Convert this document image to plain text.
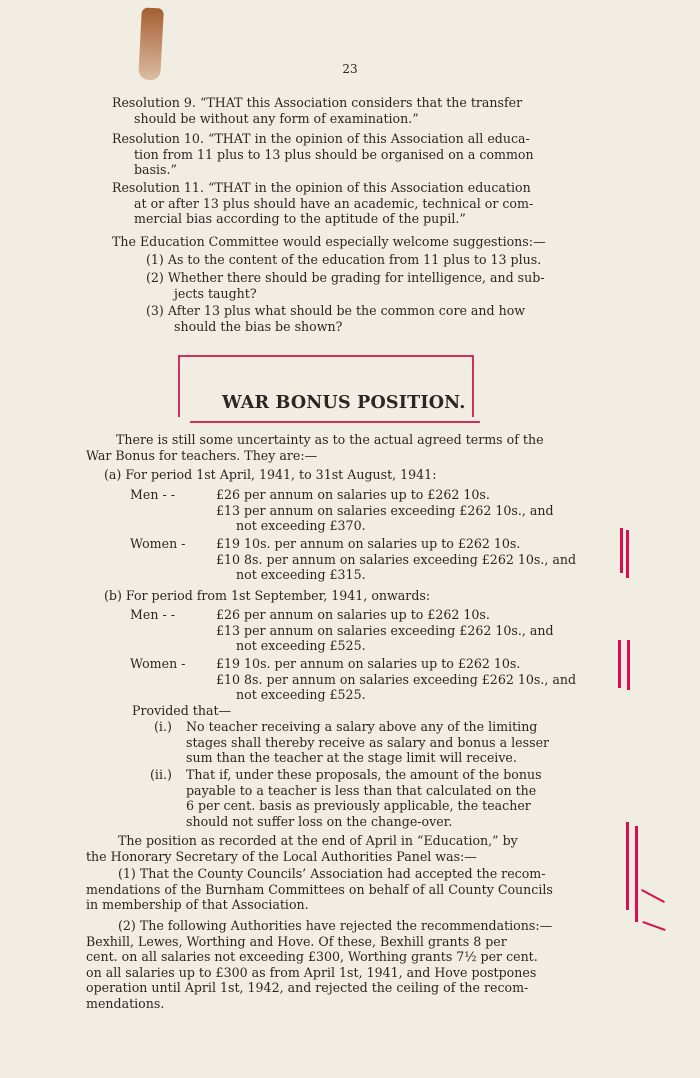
23
Resolution 9. “THAT this Association considers that the transfer
should be without any form of examination.”
Resolution 10. “THAT in the opinion of this Association all educa-
tion from 11 plus to 13 plus should be organised on a common
basis.”
Resolution 11. “THAT in the opinion of this Association education
at or after 13 plus should have an academic, technical or com-
mercial bias according to the aptitude of the pupil.”
The Education Committee would especially welcome suggestions:—
(1) As to the content of the education from 11 plus to 13 plus.
(2) Whether there should be grading for intelligence, and sub-
jects taught?
(3) After 13 plus what should be the common core and how
should the bias be shown?
WAR BONUS POSITION.
There is still some uncertainty as to the actual agreed terms of the
War Bonus for teachers. They are:—
(a) For period 1st April, 1941, to 31st August, 1941:
Men - -	£26 per annum on salaries up to £262 10s.
£13 per annum on salaries exceeding £262 10s., and
not exceeding £370.
Women - £19 10s. per annum on salaries up to £262 10s.
£10 8s. per annum on salaries exceeding £262 10s., and
not exceeding £315.
(b) For period from 1st September, 1941, onwards:
Men - -	£26 per annum on salaries up to £262 10s.
£13 per annum on salaries exceeding £262 10s., and
not exceeding £525.
Women - £19 10s. per annum on salaries up to £262 10s.
£10 8s. per annum on salaries exceeding £262 10s., and
not exceeding £525.
Provided that—
(i.) No teacher receiving a salary above any of the limiting
stages shall thereby receive as salary and bonus a lesser
sum than the teacher at the stage limit will receive.
(ii.) That if, under these proposals, the amount of the bonus
payable to a teacher is less than that calculated on the
6 per cent. basis as previously applicable, the teacher
should not suffer loss on the change-over.
The position as recorded at the end of April in “Education,” by
the Honorary Secretary of the Local Authorities Panel was:—
(1) That the County Councils’ Association had accepted the recom-
mendations of the Burnham Committees on behalf of all County Councils
in membership of that Association.
(2) The following Authorities have rejected the recommendations:—
Bexhill, Lewes, Worthing and Hove. Of these, Bexhill grants 8 per
cent. on all salaries not exceeding £300, Worthing grants 7½ per cent.
on all salaries up to £300 as from April 1st, 1941, and Hove postpones
operation until April 1st, 1942, and rejected the ceiling of the recom-
mendations.
